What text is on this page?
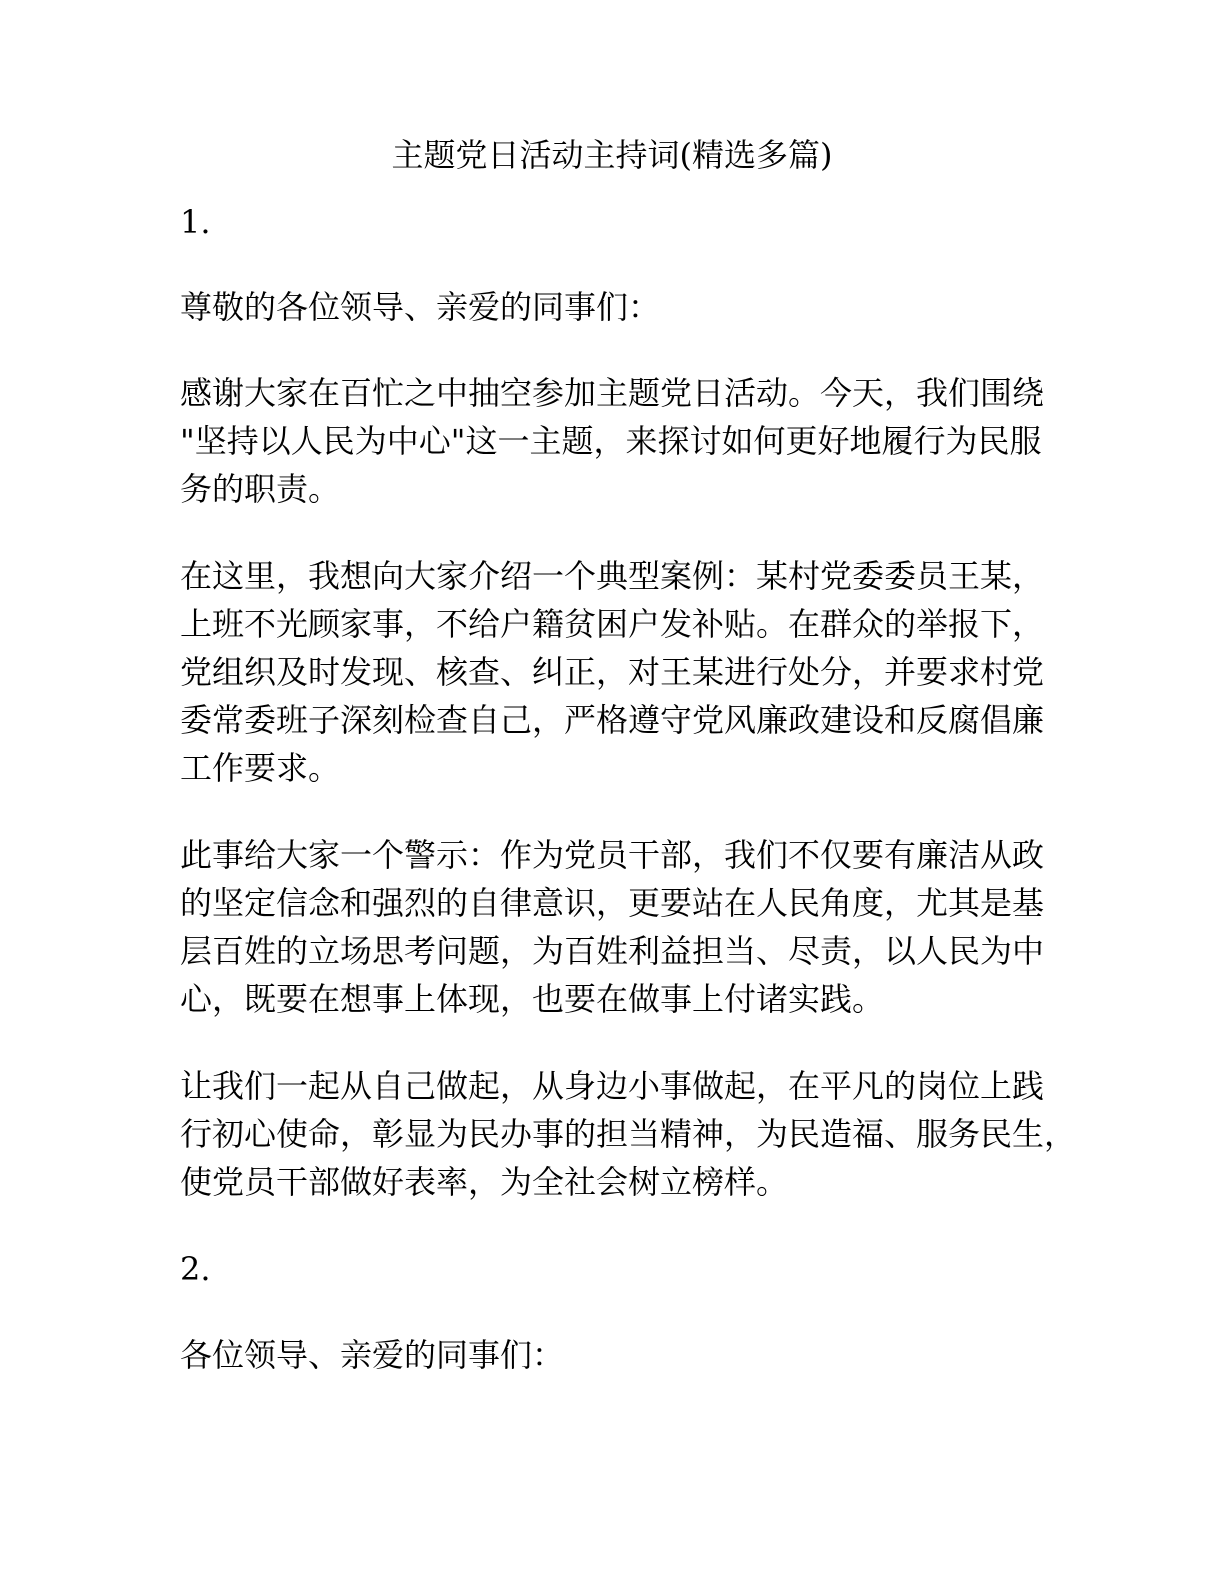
主题党日活动主持词(精选多篇)
1.
尊敬的各位领导、亲爱的同事们：
感谢大家在百忙之中抽空参加主题党日活动。今天，我们围绕
"坚持以人民为中心"这一主题，来探讨如何更好地履行为民服
务的职责。
在这里，我想向大家介绍一个典型案例：某村党委委员王某，
上班不光顾家事，不给户籍贫困户发补贴。在群众的举报下，
党组织及时发现、核查、纠正，对王某进行处分，并要求村党
委常委班子深刻检查自己，严格遵守党风廉政建设和反腐倡廉
工作要求。
此事给大家一个警示：作为党员干部，我们不仅要有廉洁从政
的坚定信念和强烈的自律意识，更要站在人民角度，尤其是基
层百姓的立场思考问题，为百姓利益担当、尽责，以人民为中
心，既要在想事上体现，也要在做事上付诸实践。
让我们一起从自己做起，从身边小事做起，在平凡的岗位上践
行初心使命，彰显为民办事的担当精神，为民造福、服务民生，
使党员干部做好表率，为全社会树立榜样。
2.
各位领导、亲爱的同事们：
